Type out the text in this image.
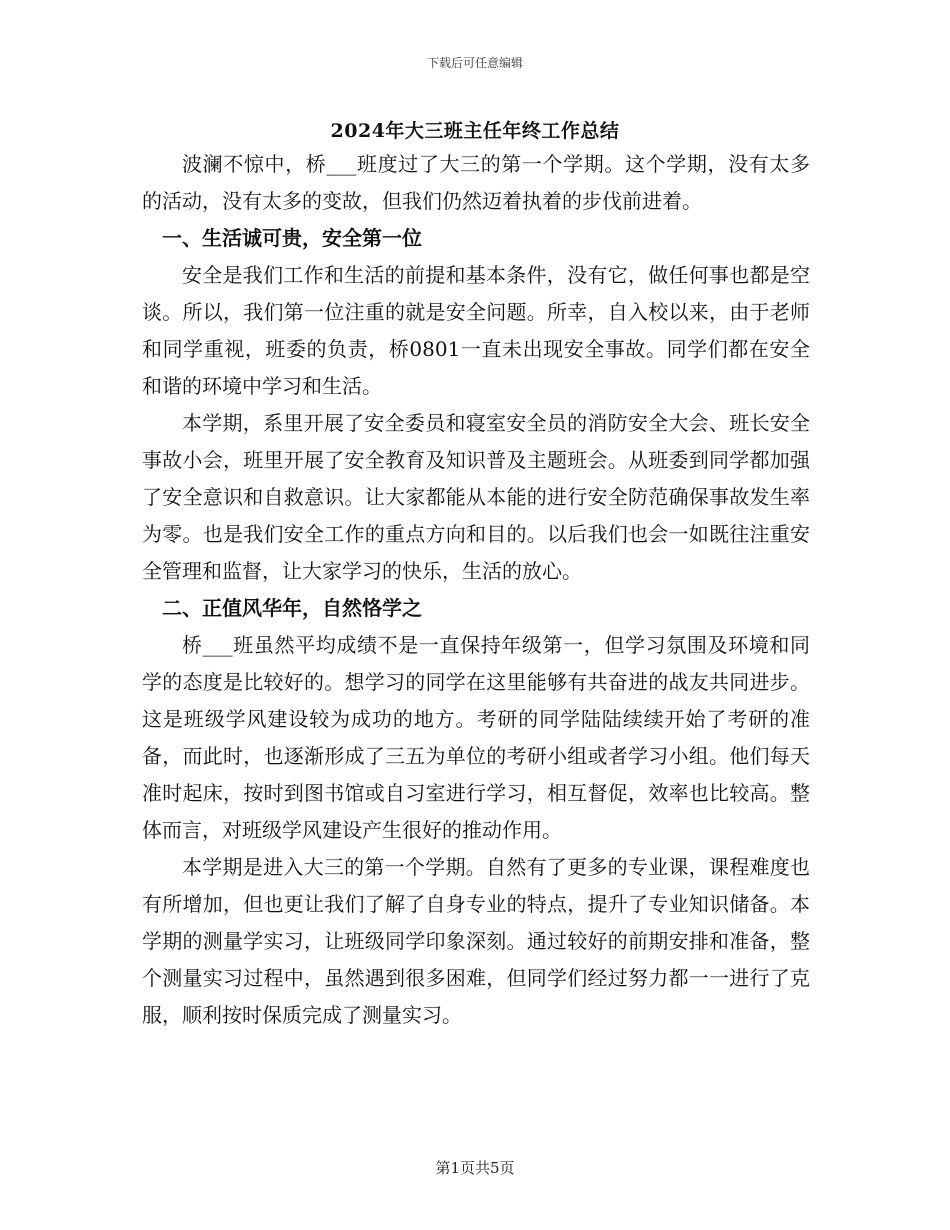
下载后可任意编辑
2024年大三班主任年终工作总结

波澜不惊中，桥___班度过了大三的第一个学期。这个学期，没有太多的活动，没有太多的变故，但我们仍然迈着执着的步伐前进着。

一、生活诚可贵，安全第一位

安全是我们工作和生活的前提和基本条件，没有它，做任何事也都是空谈。所以，我们第一位注重的就是安全问题。所幸，自入校以来，由于老师和同学重视，班委的负责，桥0801一直未出现安全事故。同学们都在安全和谐的环境中学习和生活。

本学期，系里开展了安全委员和寝室安全员的消防安全大会、班长安全事故小会，班里开展了安全教育及知识普及主题班会。从班委到同学都加强了安全意识和自救意识。让大家都能从本能的进行安全防范确保事故发生率为零。也是我们安全工作的重点方向和目的。以后我们也会一如既往注重安全管理和监督，让大家学习的快乐，生活的放心。

二、正值风华年，自然恪学之

桥___班虽然平均成绩不是一直保持年级第一，但学习氛围及环境和同学的态度是比较好的。想学习的同学在这里能够有共奋进的战友共同进步。这是班级学风建设较为成功的地方。考研的同学陆陆续续开始了考研的准备，而此时，也逐渐形成了三五为单位的考研小组或者学习小组。他们每天准时起床，按时到图书馆或自习室进行学习，相互督促，效率也比较高。整体而言，对班级学风建设产生很好的推动作用。

本学期是进入大三的第一个学期。自然有了更多的专业课，课程难度也有所增加，但也更让我们了解了自身专业的特点，提升了专业知识储备。本学期的测量学实习，让班级同学印象深刻。通过较好的前期安排和准备，整个测量实习过程中，虽然遇到很多困难，但同学们经过努力都一一进行了克服，顺利按时保质完成了测量实习。

第1页共5页
